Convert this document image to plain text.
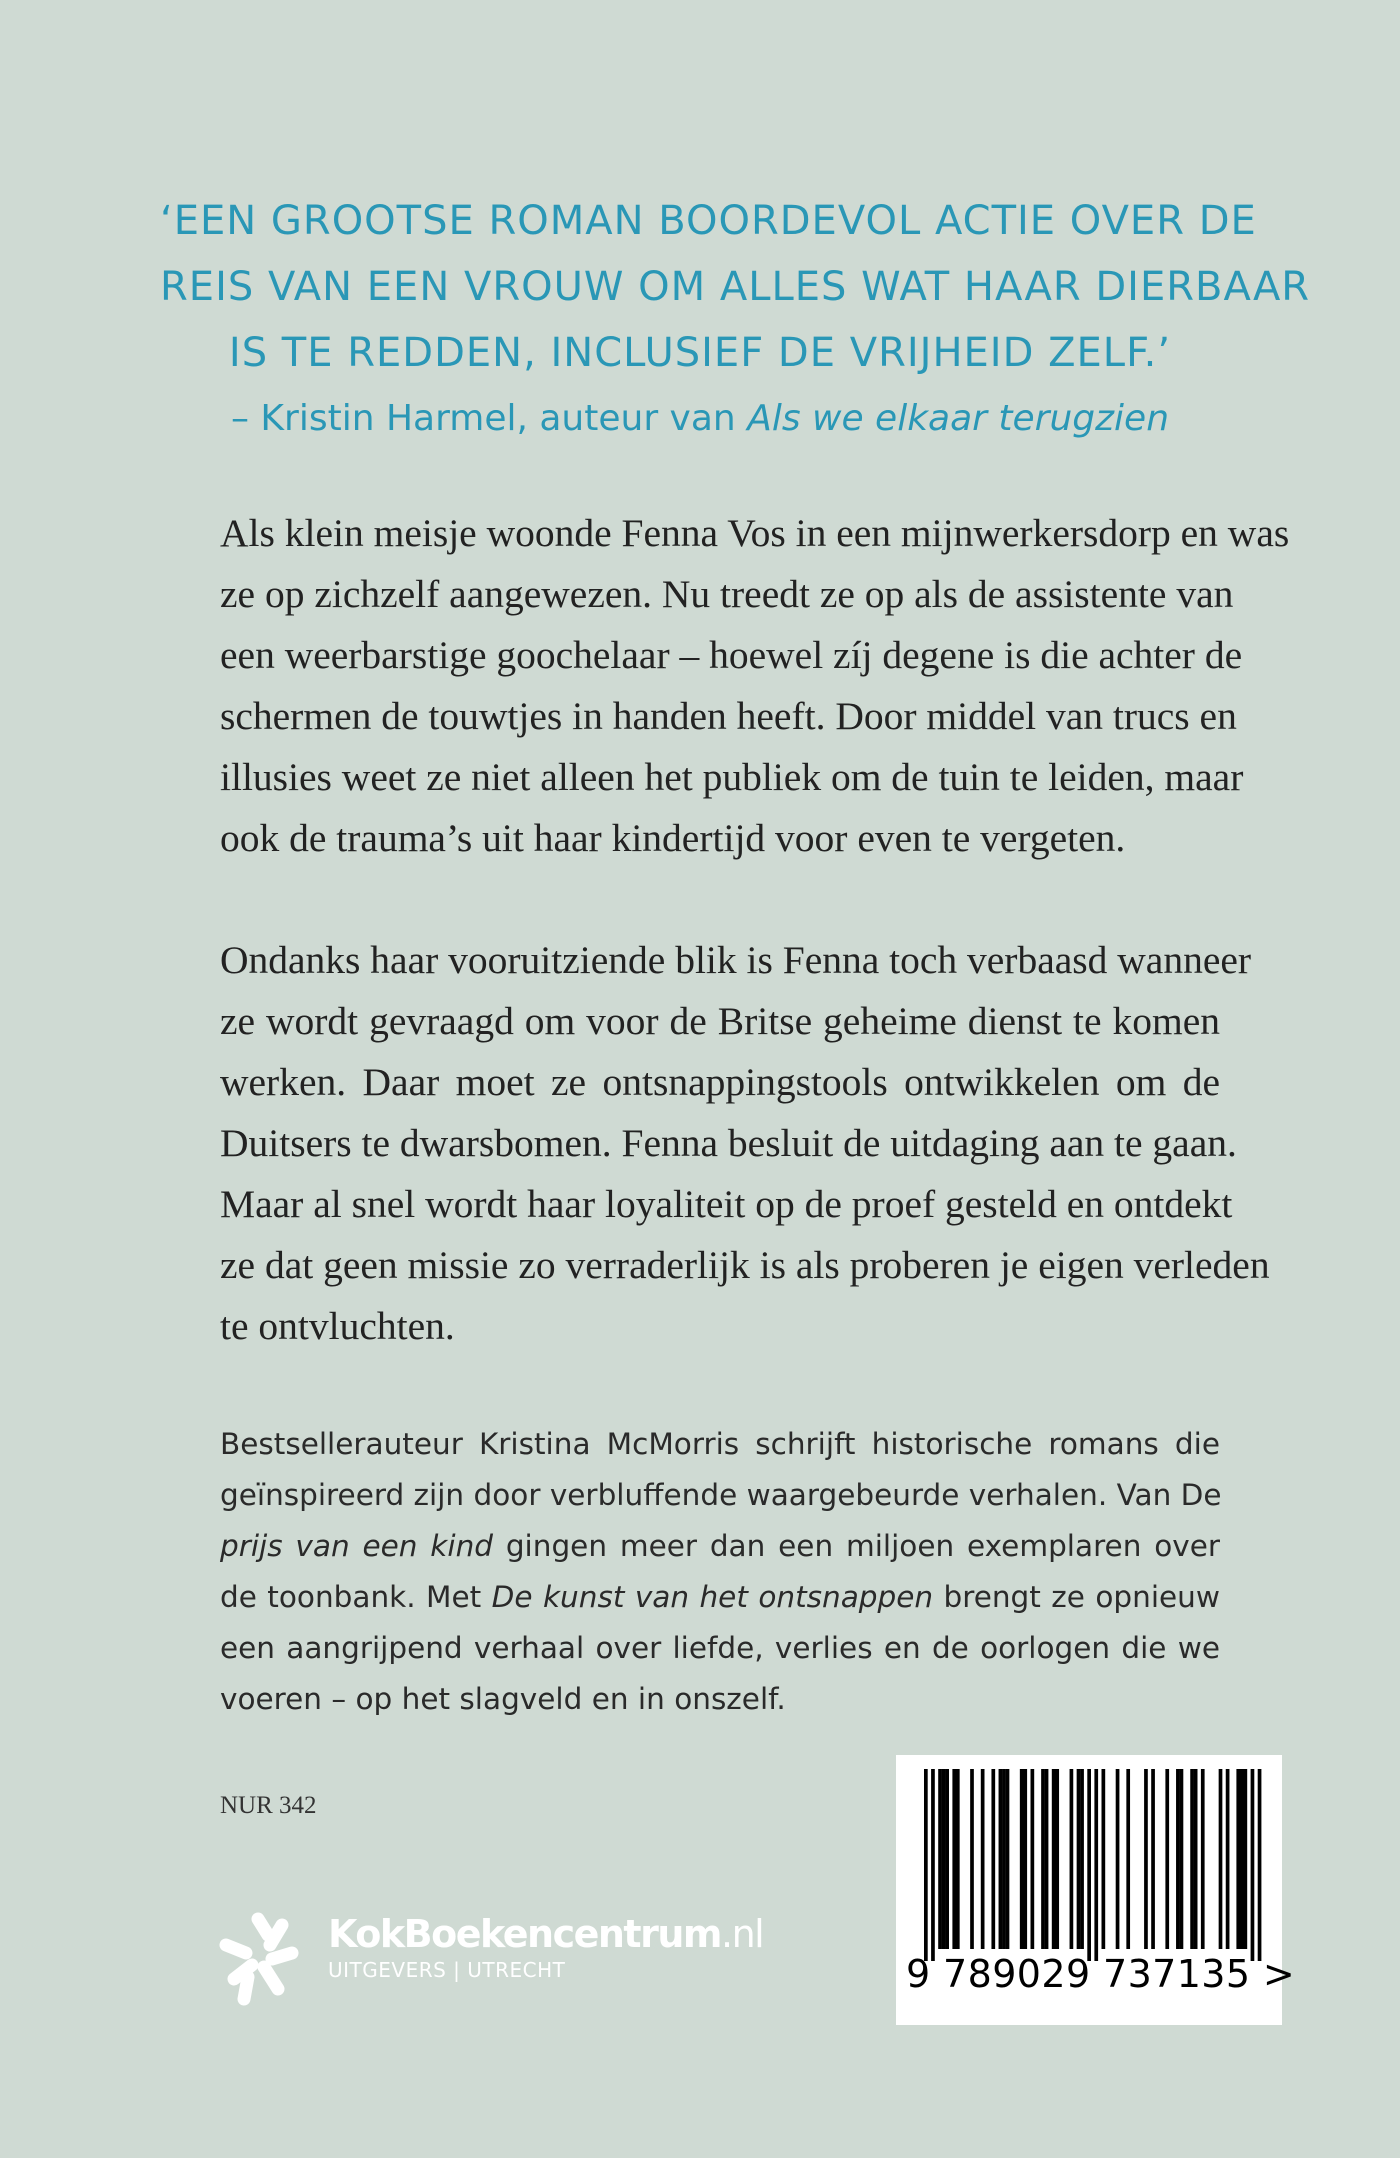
‘EEN GROOTSE ROMAN BOORDEVOL ACTIE OVER DE
REIS VAN EEN VROUW OM ALLES WAT HAAR DIERBAAR
IS TE REDDEN, INCLUSIEF DE VRIJHEID ZELF.’
– Kristin Harmel, auteur van Als we elkaar terugzien
Als klein meisje woonde Fenna Vos in een mijnwerkersdorp en was
ze op zichzelf aangewezen. Nu treedt ze op als de assistente van
een weerbarstige goochelaar – hoewel zíj degene is die achter de
schermen de touwtjes in handen heeft. Door middel van trucs en
illusies weet ze niet alleen het publiek om de tuin te leiden, maar
ook de trauma’s uit haar kindertijd voor even te vergeten.
Ondanks haar vooruitziende blik is Fenna toch verbaasd wanneer
ze wordt gevraagd om voor de Britse geheime dienst te komen
werken. Daar moet ze ontsnappingstools ontwikkelen om de
Duitsers te dwarsbomen. Fenna besluit de uitdaging aan te gaan.
Maar al snel wordt haar loyaliteit op de proef gesteld en ontdekt
ze dat geen missie zo verraderlijk is als proberen je eigen verleden
te ontvluchten.
Bestsellerauteur Kristina McMorris schrijft historische romans die
geïnspireerd zijn door verbluffende waargebeurde verhalen. Van De
prijs van een kind gingen meer dan een miljoen exemplaren over
de toonbank. Met De kunst van het ontsnappen brengt ze opnieuw
een aangrijpend verhaal over liefde, verlies en de oorlogen die we
voeren – op het slagveld en in onszelf.
NUR 342
KokBoekencentrum.nl
UITGEVERS | UTRECHT	9 789029 737135 >
